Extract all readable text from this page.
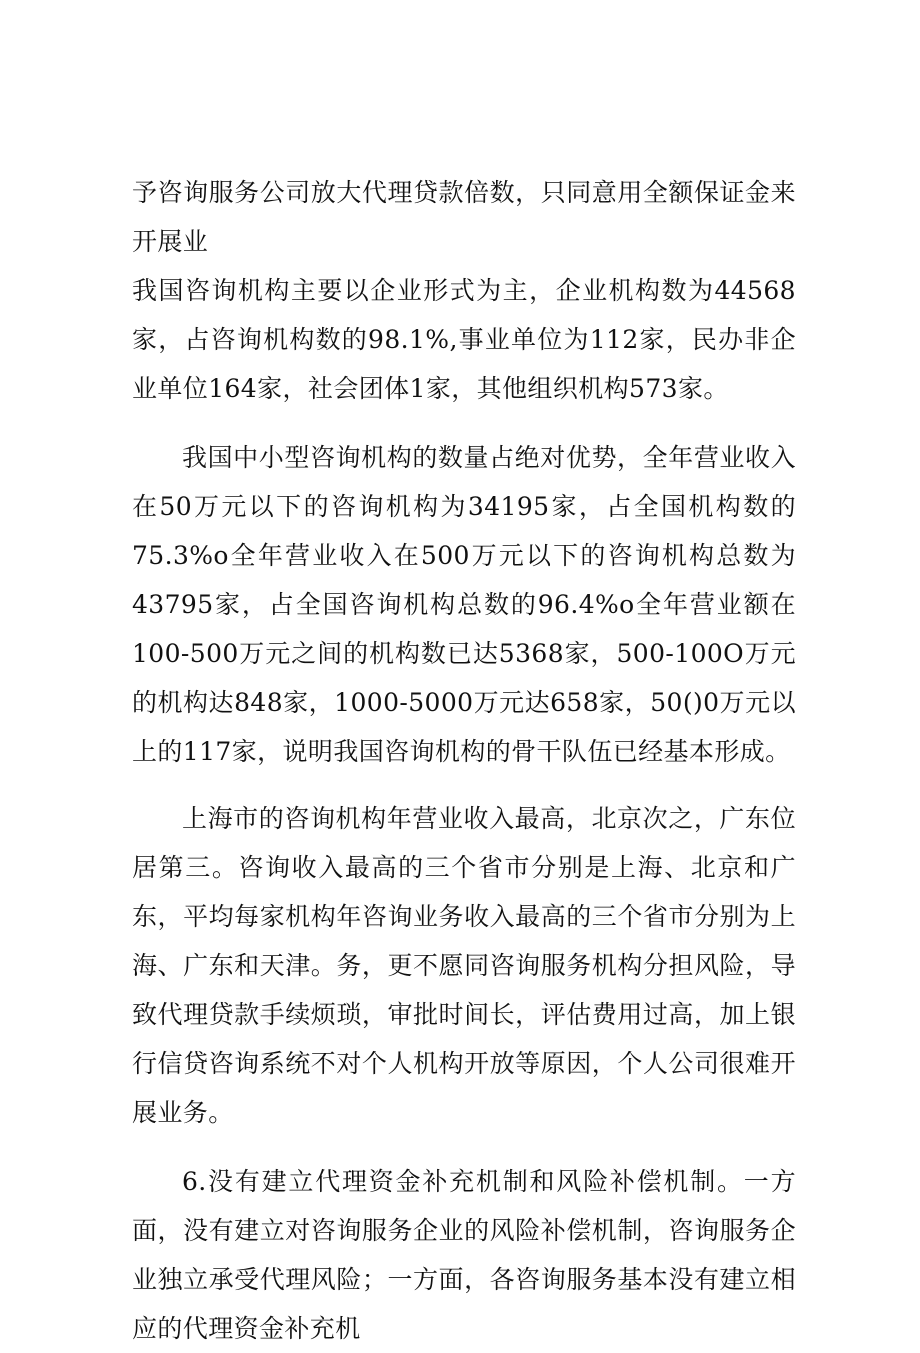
予咨询服务公司放大代理贷款倍数，只同意用全额保证金来开展业

我国咨询机构主要以企业形式为主，企业机构数为44568家，占咨询机构数的98.1%,事业单位为112家，民办非企业单位164家，社会团体1家，其他组织机构573家。

我国中小型咨询机构的数量占绝对优势，全年营业收入在50万元以下的咨询机构为34195家，占全国机构数的75.3%o全年营业收入在500万元以下的咨询机构总数为43795家，占全国咨询机构总数的96.4%o全年营业额在100-500万元之间的机构数已达5368家，500-100O万元的机构达848家，1000-5000万元达658家，50()0万元以上的117家，说明我国咨询机构的骨干队伍已经基本形成。

上海市的咨询机构年营业收入最高，北京次之，广东位居第三。咨询收入最高的三个省市分别是上海、北京和广东，平均每家机构年咨询业务收入最高的三个省市分别为上海、广东和天津。务，更不愿同咨询服务机构分担风险，导致代理贷款手续烦琐，审批时间长，评估费用过高，加上银行信贷咨询系统不对个人机构开放等原因，个人公司很难开展业务。

6.没有建立代理资金补充机制和风险补偿机制。一方面，没有建立对咨询服务企业的风险补偿机制，咨询服务企业独立承受代理风险；一方面，各咨询服务基本没有建立相应的代理资金补充机
